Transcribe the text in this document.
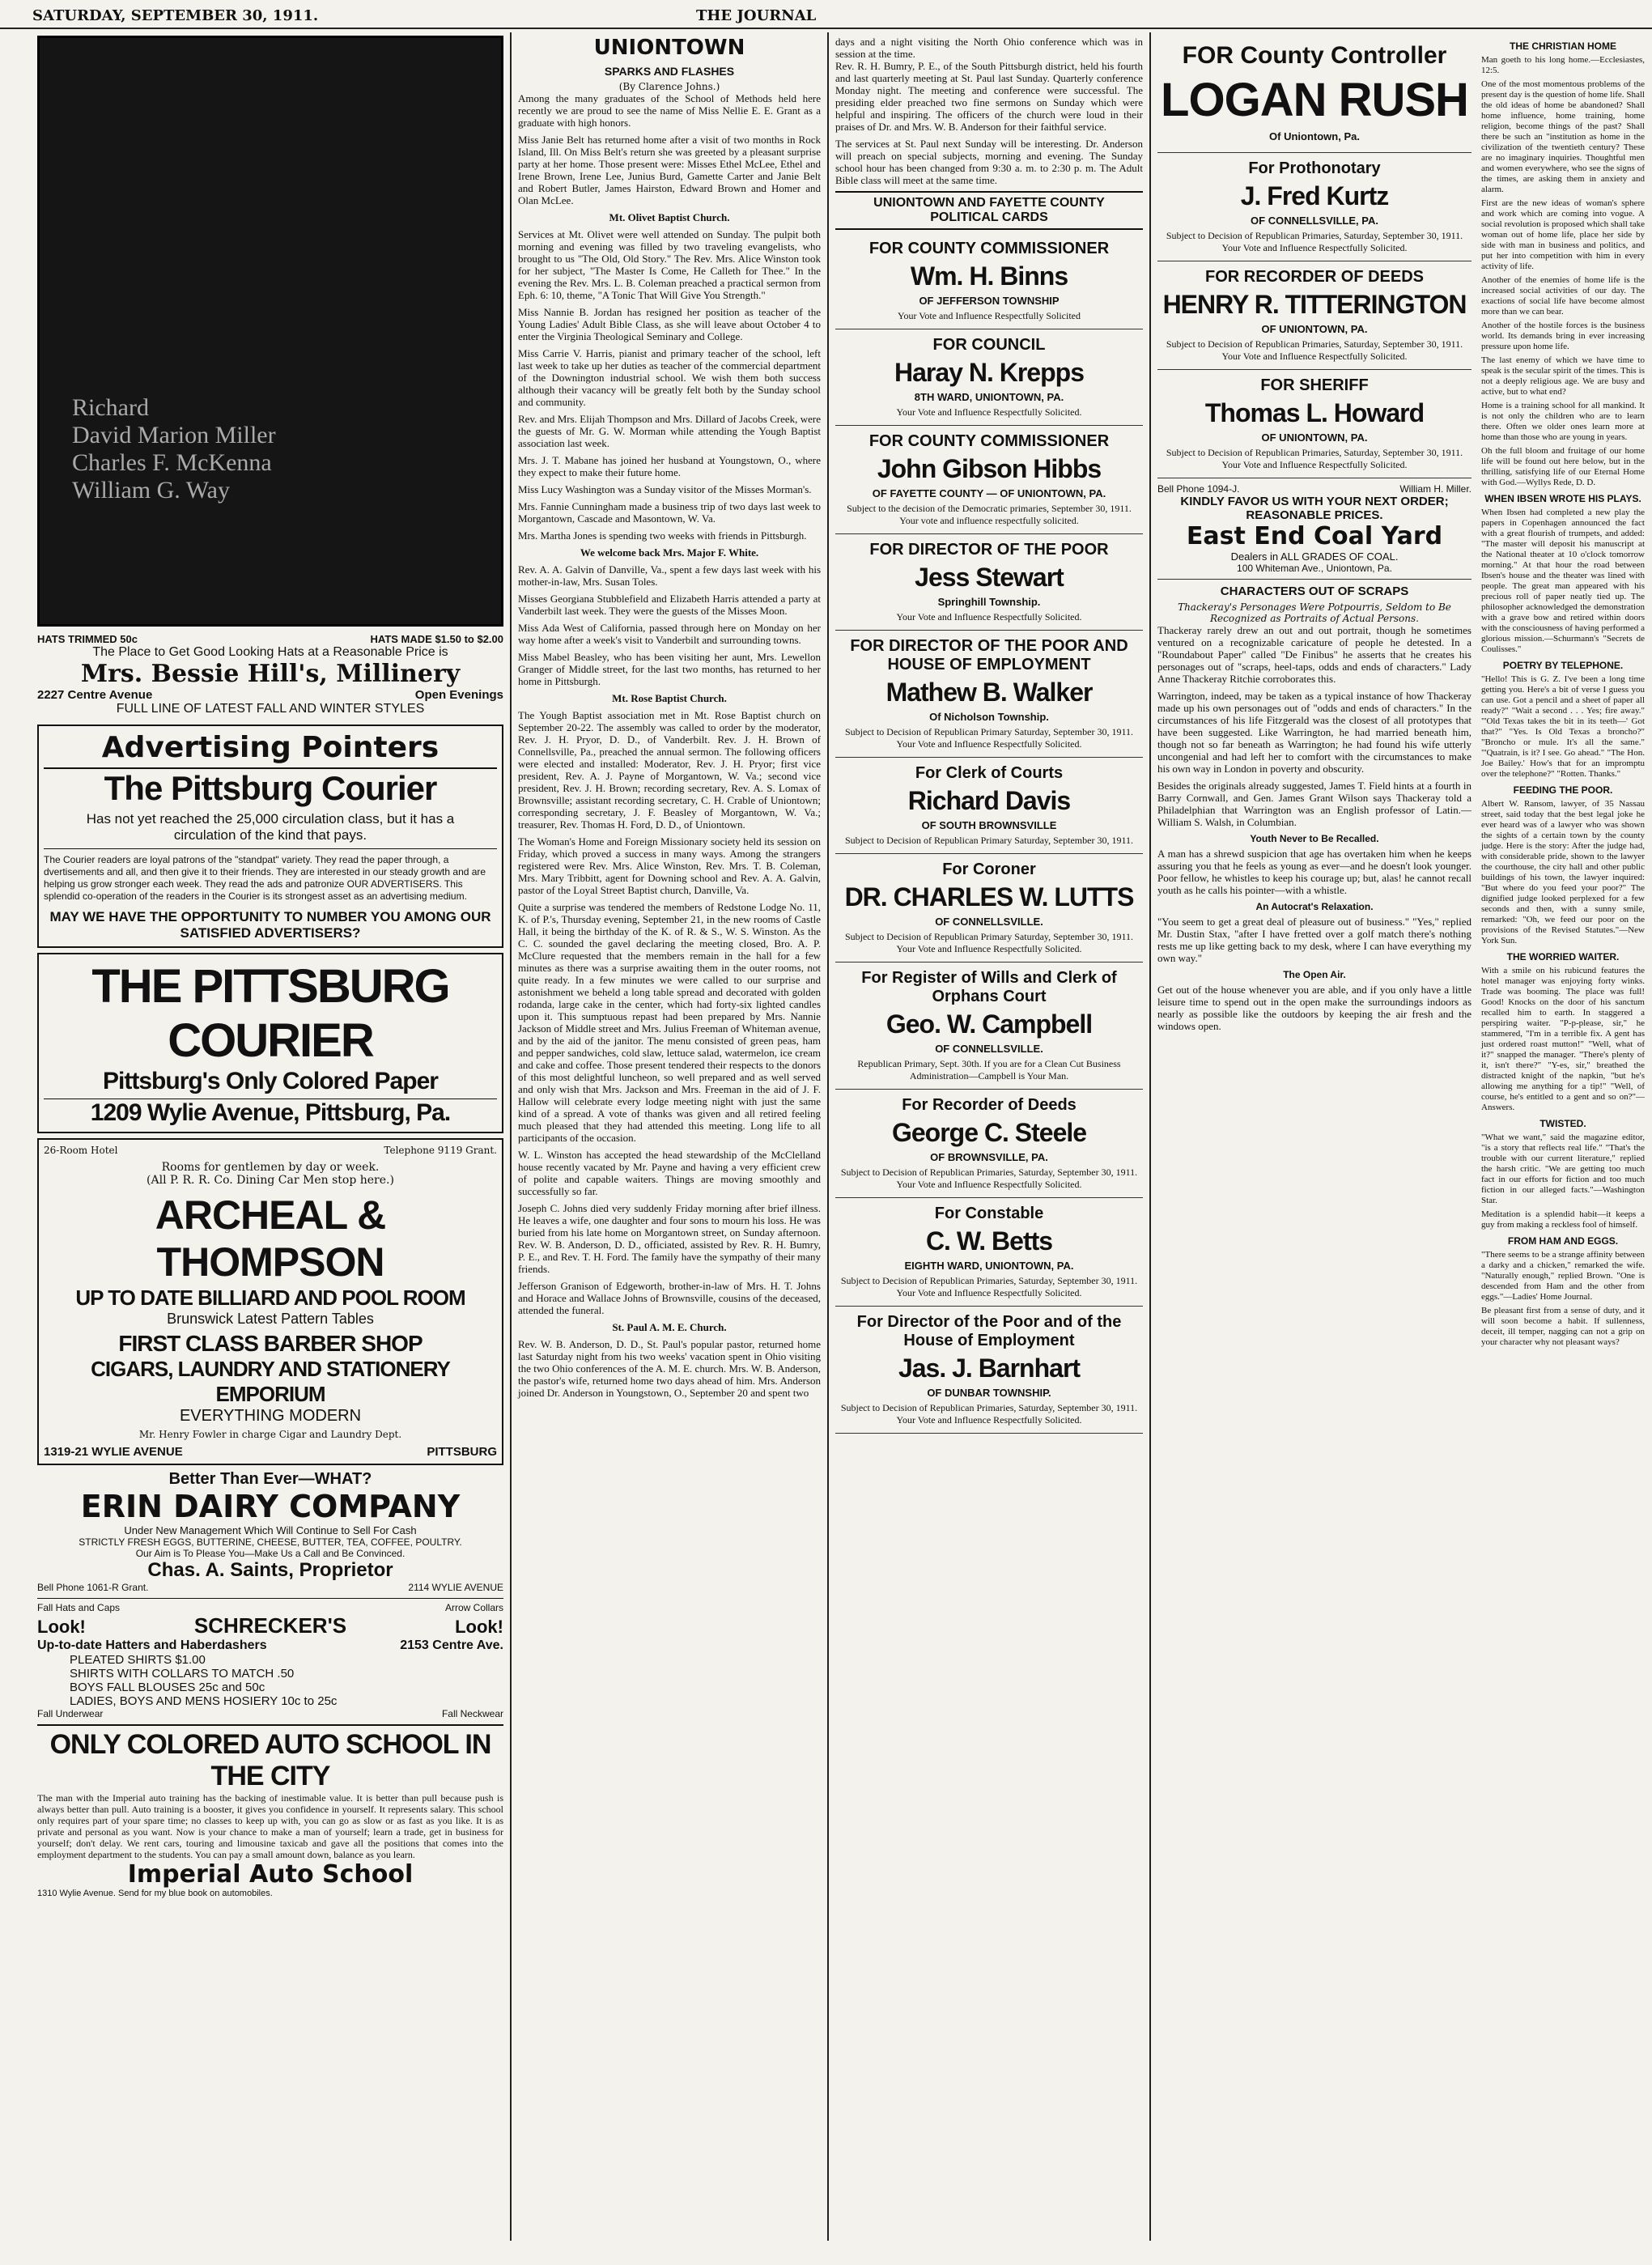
SATURDAY, SEPTEMBER 30, 1911.	THE JOURNAL
Richard
David Marion Miller
Charles F. McKenna
William G. Way
HATS TRIMMED 50c	HATS MADE $1.50 to $2.00
The Place to Get Good Looking Hats at a Reasonable Price is
Mrs. Bessie Hill's, Millinery
2227 Centre Avenue	Open Evenings
FULL LINE OF LATEST FALL AND WINTER STYLES
Advertising Pointers
The Pittsburg Courier
Has not yet reached the 25,000 circulation class, but it has a circulation of the kind that pays.
The Courier readers are loyal patrons of the "standpat" variety. They read the paper through, a dvertisements and all, and then give it to their friends. They are interested in our steady growth and are helping us grow stronger each week. They read the ads and patronize OUR ADVERTISERS. This splendid co-operation of the readers in the Courier is its strongest asset as an advertising medium.
MAY WE HAVE THE OPPORTUNITY TO NUMBER YOU AMONG OUR SATISFIED ADVERTISERS?
THE PITTSBURG COURIER
Pittsburg's Only Colored Paper
1209 Wylie Avenue, Pittsburg, Pa.
26-Room Hotel	Telephone 9119 Grant.
Rooms for gentlemen by day or week.
(All P. R. R. Co. Dining Car Men stop here.)
ARCHEAL & THOMPSON
UP TO DATE BILLIARD AND POOL ROOM
Brunswick Latest Pattern Tables
FIRST CLASS BARBER SHOP
CIGARS, LAUNDRY AND STATIONERY EMPORIUM
EVERYTHING MODERN
Mr. Henry Fowler in charge Cigar and Laundry Dept.
1319-21 WYLIE AVENUE	PITTSBURG
Better Than Ever—WHAT?
ERIN DAIRY COMPANY
Under New Management Which Will Continue to Sell For Cash
STRICTLY FRESH EGGS, BUTTERINE, CHEESE, BUTTER, TEA, COFFEE, POULTRY.
Our Aim is To Please You—Make Us a Call and Be Convinced.
Chas. A. Saints, Proprietor
Bell Phone 1061-R Grant.	2114 WYLIE AVENUE
Fall Hats and Caps	Arrow Collars
Look!	SCHRECKER'S	Look!
Up-to-date Hatters and Haberdashers	2153 Centre Ave.
PLEATED SHIRTS $1.00
SHIRTS WITH COLLARS TO MATCH .50
BOYS FALL BLOUSES 25c and 50c
LADIES, BOYS AND MENS HOSIERY 10c to 25c
Fall Underwear	Fall Neckwear
ONLY COLORED AUTO SCHOOL IN THE CITY
The man with the Imperial auto training has the backing of inestimable value. It is better than pull because push is always better than pull. Auto training is a booster, it gives you confidence in yourself. It represents salary. This school only requires part of your spare time; no classes to keep up with, you can go as slow or as fast as you like. It is as private and personal as you want. Now is your chance to make a man of yourself; learn a trade, get in business for yourself; don't delay. We rent cars, touring and limousine taxicab and gave all the positions that comes into the employment department to the students. You can pay a small amount down, balance as you learn.
Imperial Auto School
1310 Wylie Avenue. Send for my blue book on automobiles.
UNIONTOWN
SPARKS AND FLASHES
(By Clarence Johns.)

Among the many graduates of the School of Methods held here recently we are proud to see the name of Miss Nellie E. E. Grant as a graduate with high honors.

Miss Janie Belt has returned home after a visit of two months in Rock Island, Ill. On Miss Belt's return she was greeted by a pleasant surprise party at her home. Those present were: Misses Ethel McLee, Ethel and Irene Brown, Irene Lee, Junius Burd, Gamette Carter and Janie Belt and Robert Butler, James Hairston, Edward Brown and Homer and Olan McLee.

Mt. Olivet Baptist Church.

Services at Mt. Olivet were well attended on Sunday. The pulpit both morning and evening was filled by two traveling evangelists, who brought to us "The Old, Old Story." The Rev. Mrs. Alice Winston took for her subject, "The Master Is Come, He Calleth for Thee." In the evening the Rev. Mrs. L. B. Coleman preached a practical sermon from Eph. 6: 10, theme, "A Tonic That Will Give You Strength."

Miss Nannie B. Jordan has resigned her position as teacher of the Young Ladies' Adult Bible Class, as she will leave about October 4 to enter the Virginia Theological Seminary and College.

Miss Carrie V. Harris, pianist and primary teacher of the school, left last week to take up her duties as teacher of the commercial department of the Downington industrial school. We wish them both success although their vacancy will be greatly felt both by the Sunday school and community.

Rev. and Mrs. Elijah Thompson and Mrs. Dillard of Jacobs Creek, were the guests of Mr. G. W. Morman while attending the Yough Baptist association last week.

Mrs. J. T. Mabane has joined her husband at Youngstown, O., where they expect to make their future home.

Miss Lucy Washington was a Sunday visitor of the Misses Morman's.

Mrs. Fannie Cunningham made a business trip of two days last week to Morgantown, Cascade and Masontown, W. Va.

Mrs. Martha Jones is spending two weeks with friends in Pittsburgh.

We welcome back Mrs. Major F. White.

Rev. A. A. Galvin of Danville, Va., spent a few days last week with his mother-in-law, Mrs. Susan Toles.

Misses Georgiana Stubblefield and Elizabeth Harris attended a party at Vanderbilt last week. They were the guests of the Misses Moon.

Miss Ada West of California, passed through here on Monday on her way home after a week's visit to Vanderbilt and surrounding towns.

Miss Mabel Beasley, who has been visiting her aunt, Mrs. Lewellon Granger of Middle street, for the last two months, has returned to her home in Pittsburgh.

Mt. Rose Baptist Church.

The Yough Baptist association met in Mt. Rose Baptist church on September 20-22. The assembly was called to order by the moderator, Rev. J. H. Pryor, D. D., of Vanderbilt. Rev. J. H. Brown of Connellsville, Pa., preached the annual sermon. The following officers were elected and installed: Moderator, Rev. J. H. Pryor; first vice president, Rev. A. J. Payne of Morgantown, W. Va.; second vice president, Rev. J. H. Brown; recording secretary, Rev. A. S. Lomax of Brownsville; assistant recording secretary, C. H. Crable of Uniontown; corresponding secretary, J. F. Beasley of Morgantown, W. Va.; treasurer, Rev. Thomas H. Ford, D. D., of Uniontown.

The Woman's Home and Foreign Missionary society held its session on Friday, which proved a success in many ways. Among the strangers registered were Rev. Mrs. Alice Winston, Rev. Mrs. T. B. Coleman, Mrs. Mary Tribbitt, agent for Downing school and Rev. A. A. Galvin, pastor of the Loyal Street Baptist church, Danville, Va.

Quite a surprise was tendered the members of Redstone Lodge No. 11, K. of P.'s, Thursday evening, September 21, in the new rooms of Castle Hall, it being the birthday of the K. of R. & S., W. S. Winston. As the C. C. sounded the gavel declaring the meeting closed, Bro. A. P. McClure requested that the members remain in the hall for a few minutes as there was a surprise awaiting them in the outer rooms, not quite ready. In a few minutes we were called to our surprise and astonishment we beheld a long table spread and decorated with golden rodanda, large cake in the center, which had forty-six lighted candles upon it. This sumptuous repast had been prepared by Mrs. Nannie Jackson of Middle street and Mrs. Julius Freeman of Whiteman avenue, and by the aid of the janitor. The menu consisted of green peas, ham and pepper sandwiches, cold slaw, lettuce salad, watermelon, ice cream and cake and coffee. Those present tendered their respects to the donors of this most delightful luncheon, so well prepared and as well served and only wish that Mrs. Jackson and Mrs. Freeman in the aid of J. F. Hallow will celebrate every lodge meeting night with just the same kind of a spread. A vote of thanks was given and all retired feeling much pleased that they had attended this meeting. Long life to all participants of the occasion.

W. L. Winston has accepted the head stewardship of the McClelland house recently vacated by Mr. Payne and having a very efficient crew of polite and capable waiters. Things are moving smoothly and successfully so far.

Joseph C. Johns died very suddenly Friday morning after brief illness. He leaves a wife, one daughter and four sons to mourn his loss. He was buried from his late home on Morgantown street, on Sunday afternoon. Rev. W. B. Anderson, D. D., officiated, assisted by Rev. R. H. Bumry, P. E., and Rev. T. H. Ford. The family have the sympathy of their many friends.

Jefferson Granison of Edgeworth, brother-in-law of Mrs. H. T. Johns and Horace and Wallace Johns of Brownsville, cousins of the deceased, attended the funeral.

St. Paul A. M. E. Church.

Rev. W. B. Anderson, D. D., St. Paul's popular pastor, returned home last Saturday night from his two weeks' vacation spent in Ohio visiting the two Ohio conferences of the A. M. E. church. Mrs. W. B. Anderson, the pastor's wife, returned home two days ahead of him. Mrs. Anderson joined Dr. Anderson in Youngstown, O., September 20 and spent two

days and a night visiting the North Ohio conference which was in session at the time.

Rev. R. H. Bumry, P. E., of the South Pittsburgh district, held his fourth and last quarterly meeting at St. Paul last Sunday. Quarterly conference Monday night. The meeting and conference were successful. The presiding elder preached two fine sermons on Sunday which were helpful and inspiring. The officers of the church were loud in their praises of Dr. and Mrs. W. B. Anderson for their faithful service.

The services at St. Paul next Sunday will be interesting. Dr. Anderson will preach on special subjects, morning and evening. The Sunday school hour has been changed from 9:30 a. m. to 2:30 p. m. The Adult Bible class will meet at the same time.

UNIONTOWN AND FAYETTE COUNTY POLITICAL CARDS
FOR COUNTY COMMISSIONER
Wm. H. Binns
OF JEFFERSON TOWNSHIP
Your Vote and Influence Respectfully Solicited
FOR COUNCIL
Haray N. Krepps
8TH WARD, UNIONTOWN, PA.
Your Vote and Influence Respectfully Solicited.
FOR COUNTY COMMISSIONER
John Gibson Hibbs
OF FAYETTE COUNTY — OF UNIONTOWN, PA.
Subject to the decision of the Democratic primaries, September 30, 1911. Your vote and influence respectfully solicited.
FOR DIRECTOR OF THE POOR
Jess Stewart
Springhill Township.
Your Vote and Influence Respectfully Solicited.
FOR DIRECTOR OF THE POOR AND HOUSE OF EMPLOYMENT
Mathew B. Walker
Of Nicholson Township.
Subject to Decision of Republican Primary Saturday, September 30, 1911. Your Vote and Influence Respectfully Solicited.
For Clerk of Courts
Richard Davis
OF SOUTH BROWNSVILLE
Subject to Decision of Republican Primary Saturday, September 30, 1911.
For Coroner
DR. CHARLES W. LUTTS
OF CONNELLSVILLE.
Subject to Decision of Republican Primary Saturday, September 30, 1911. Your Vote and Influence Respectfully Solicited.
For Register of Wills and Clerk of Orphans Court
Geo. W. Campbell
OF CONNELLSVILLE.
Republican Primary, Sept. 30th. If you are for a Clean Cut Business Administration—Campbell is Your Man.
For Recorder of Deeds
George C. Steele
OF BROWNSVILLE, PA.
Subject to Decision of Republican Primaries, Saturday, September 30, 1911. Your Vote and Influence Respectfully Solicited.
For Constable
C. W. Betts
EIGHTH WARD, UNIONTOWN, PA.
Subject to Decision of Republican Primaries, Saturday, September 30, 1911. Your Vote and Influence Respectfully Solicited.
For Director of the Poor and of the House of Employment
Jas. J. Barnhart
OF DUNBAR TOWNSHIP.
Subject to Decision of Republican Primaries, Saturday, September 30, 1911. Your Vote and Influence Respectfully Solicited.
FOR County Controller
LOGAN RUSH
Of Uniontown, Pa.
For Prothonotary
J. Fred Kurtz
OF CONNELLSVILLE, PA.
Subject to Decision of Republican Primaries, Saturday, September 30, 1911. Your Vote and Influence Respectfully Solicited.
FOR RECORDER OF DEEDS
HENRY R. TITTERINGTON
OF UNIONTOWN, PA.
Subject to Decision of Republican Primaries, Saturday, September 30, 1911. Your Vote and Influence Respectfully Solicited.
FOR SHERIFF
Thomas L. Howard
OF UNIONTOWN, PA.
Subject to Decision of Republican Primaries, Saturday, September 30, 1911. Your Vote and Influence Respectfully Solicited.
Bell Phone 1094-J.	William H. Miller.
KINDLY FAVOR US WITH YOUR NEXT ORDER; REASONABLE PRICES.
East End Coal Yard
Dealers in ALL GRADES OF COAL.
100 Whiteman Ave., Uniontown, Pa.
CHARACTERS OUT OF SCRAPS
Thackeray's Personages Were Potpourris, Seldom to Be Recognized as Portraits of Actual Persons.

Thackeray rarely drew an out and out portrait, though he sometimes ventured on a recognizable caricature of people he detested. In a "Roundabout Paper" called "De Finibus" he asserts that he creates his personages out of "scraps, heel-taps, odds and ends of characters." Lady Anne Thackeray Ritchie corroborates this.

Warrington, indeed, may be taken as a typical instance of how Thackeray made up his own personages out of "odds and ends of characters." In the circumstances of his life Fitzgerald was the closest of all prototypes that have been suggested. Like Warrington, he had married beneath him, though not so far beneath as Warrington; he had found his wife utterly uncongenial and had left her to comfort with the circumstances to make his own way in London in poverty and obscurity.

Besides the originals already suggested, James T. Field hints at a fourth in Barry Cornwall, and Gen. James Grant Wilson says Thackeray told a Philadelphian that Warrington was an English professor of Latin.—William S. Walsh, in Columbian.

Youth Never to Be Recalled.
A man has a shrewd suspicion that age has overtaken him when he keeps assuring you that he feels as young as ever—and he doesn't look younger. Poor fellow, he whistles to keep his courage up; but, alas! he cannot recall youth as he calls his pointer—with a whistle.
An Autocrat's Relaxation.
"You seem to get a great deal of pleasure out of business." "Yes," replied Mr. Dustin Stax, "after I have fretted over a golf match there's nothing rests me up like getting back to my desk, where I can have everything my own way."
The Open Air.
Get out of the house whenever you are able, and if you only have a little leisure time to spend out in the open make the surroundings indoors as nearly as possible like the outdoors by keeping the air fresh and the windows open.
THE CHRISTIAN HOME
Man goeth to his long home.—Ecclesiastes, 12:5.
One of the most momentous problems of the present day is the question of home life. Shall the old ideas of home be abandoned? Shall home influence, home training, home religion, become things of the past? Shall there be such an "institution as home in the civilization of the twentieth century? These are no imaginary inquiries. Thoughtful men and women everywhere, who see the signs of the times, are asking them in anxiety and alarm.
First are the new ideas of woman's sphere and work which are coming into vogue. A social revolution is proposed which shall take woman out of home life, place her side by side with man in business and politics, and put her into competition with him in every activity of life.
Another of the enemies of home life is the increased social activities of our day. The exactions of social life have become almost more than we can bear.
Another of the hostile forces is the business world. Its demands bring in ever increasing pressure upon home life.
The last enemy of which we have time to speak is the secular spirit of the times. This is not a deeply religious age. We are busy and active, but to what end?
Home is a training school for all mankind. It is not only the children who are to learn there. Often we older ones learn more at home than those who are young in years.
Oh the full bloom and fruitage of our home life will be found out here below, but in the thrilling, satisfying life of our Eternal Home with God.—Wyllys Rede, D. D.
WHEN IBSEN WROTE HIS PLAYS.
When Ibsen had completed a new play the papers in Copenhagen announced the fact with a great flourish of trumpets, and added: "The master will deposit his manuscript at the National theater at 10 o'clock tomorrow morning." At that hour the road between Ibsen's house and the theater was lined with people. The great man appeared with his precious roll of paper neatly tied up. The philosopher acknowledged the demonstration with a grave bow and retired within doors with the consciousness of having performed a glorious mission.—Schurmann's "Secrets de Coulisses."
POETRY BY TELEPHONE.
"Hello! This is G. Z. I've been a long time getting you. Here's a bit of verse I guess you can use. Got a pencil and a sheet of paper all ready?" "Wait a second . . . Yes; fire away." "'Old Texas takes the bit in its teeth—' Got that?" "Yes. Is Old Texas a broncho?" "Broncho or mule. It's all the same." "'Quatrain, is it? I see. Go ahead." "The Hon. Joe Bailey.' How's that for an impromptu over the telephone?" "Rotten. Thanks."
FEEDING THE POOR.
Albert W. Ransom, lawyer, of 35 Nassau street, said today that the best legal joke he ever heard was of a lawyer who was shown the sights of a certain town by the county judge. Here is the story: After the judge had, with considerable pride, shown to the lawyer the courthouse, the city hall and other public buildings of his town, the lawyer inquired: "But where do you feed your poor?" The dignified judge looked perplexed for a few seconds and then, with a sunny smile, remarked: "Oh, we feed our poor on the provisions of the Revised Statutes."—New York Sun.
THE WORRIED WAITER.
With a smile on his rubicund features the hotel manager was enjoying forty winks. Trade was booming. The place was full! Good! Knocks on the door of his sanctum recalled him to earth. In staggered a perspiring waiter. "P-p-please, sir," he stammered, "I'm in a terrible fix. A gent has just ordered roast mutton!" "Well, what of it?" snapped the manager. "There's plenty of it, isn't there?" "Y-es, sir," breathed the distracted knight of the napkin, "but he's allowing me anything for a tip!" "Well, of course, he's entitled to a gent and so on?"—Answers.
TWISTED.
"What we want," said the magazine editor, "is a story that reflects real life." "That's the trouble with our current literature," replied the harsh critic. "We are getting too much fact in our efforts for fiction and too much fiction in our alleged facts."—Washington Star.
Meditation is a splendid habit—it keeps a guy from making a reckless fool of himself.
FROM HAM AND EGGS.
"There seems to be a strange affinity between a darky and a chicken," remarked the wife. "Naturally enough," replied Brown. "One is descended from Ham and the other from eggs."—Ladies' Home Journal.
Be pleasant first from a sense of duty, and it will soon become a habit. If sullenness, deceit, ill temper, nagging can not a grip on your character why not pleasant ways?
